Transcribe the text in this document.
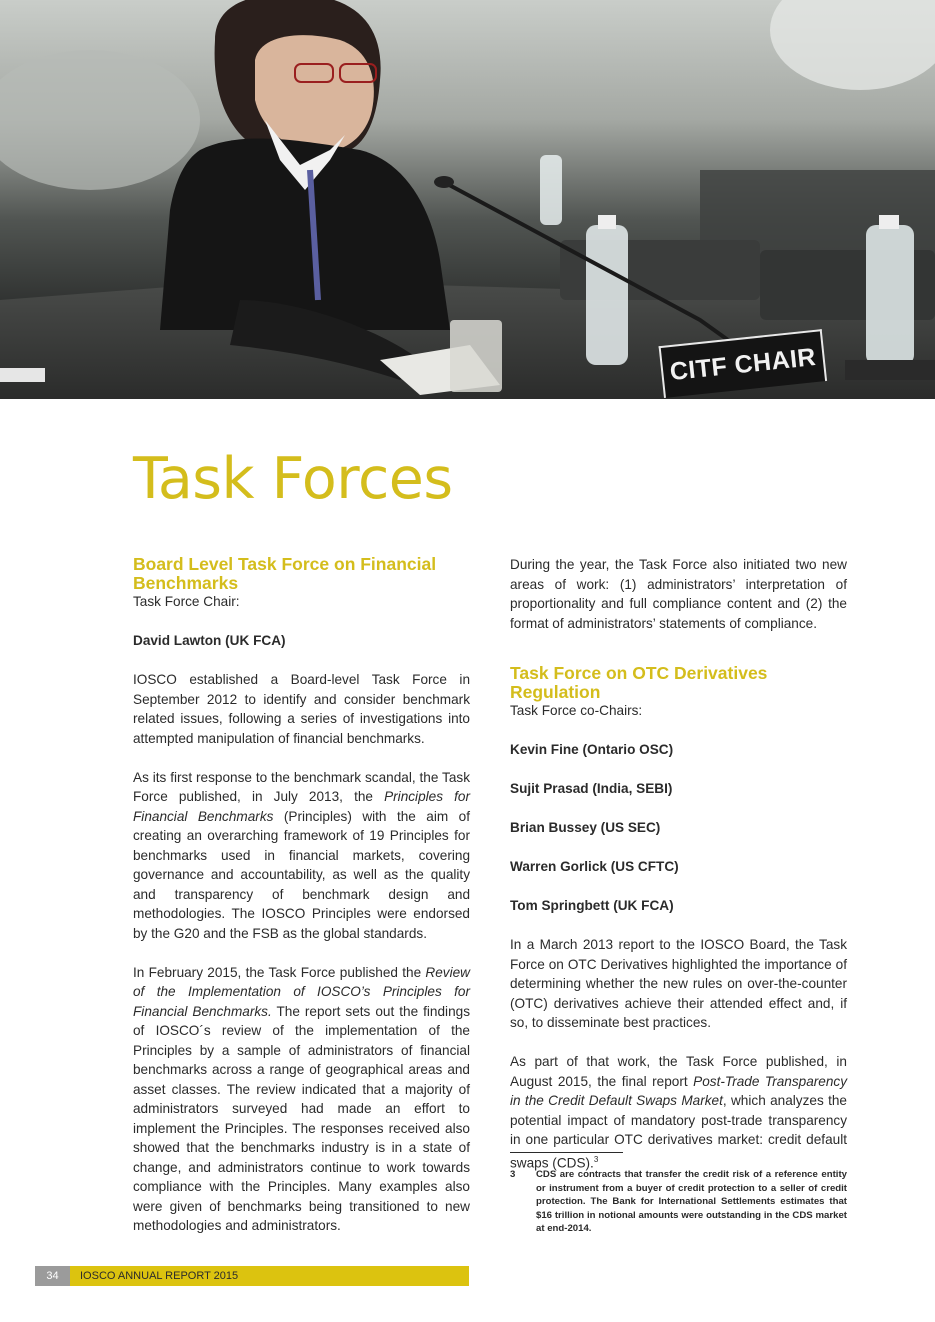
CITF CHAIR
Task Forces
Board Level Task Force on Financial Benchmarks

Task Force Chair:

David Lawton (UK FCA)

IOSCO established a Board-level Task Force in September 2012 to identify and consider benchmark related issues, following a series of investigations into attempted manipulation of financial benchmarks.

As its first response to the benchmark scandal, the Task Force published, in July 2013, the Principles for Financial Benchmarks (Principles) with the aim of creating an overarching framework of 19 Principles for benchmarks used in financial markets, covering governance and accountability, as well as the quality and transparency of benchmark design and methodologies. The IOSCO Principles were endorsed by the G20 and the FSB as the global standards.

In February 2015, the Task Force published the Review of the Implementation of IOSCO’s Principles for Financial Benchmarks. The report sets out the findings of IOSCO´s review of the implementation of the Principles by a sample of administrators of financial benchmarks across a range of geographical areas and asset classes. The review indicated that a majority of administrators surveyed had made an effort to implement the Principles. The responses received also showed that the benchmarks industry is in a state of change, and administrators continue to work towards compliance with the Principles. Many examples also were given of benchmarks being transitioned to new methodologies and administrators.

During the year, the Task Force also initiated two new areas of work: (1) administrators’ interpretation of proportionality and full compliance content and (2) the format of administrators’ statements of compliance.

Task Force on OTC Derivatives Regulation

Task Force co-Chairs:

Kevin Fine (Ontario OSC)

Sujit Prasad (India, SEBI)

Brian Bussey (US SEC)

Warren Gorlick (US CFTC)

Tom Springbett (UK FCA)

In a March 2013 report to the IOSCO Board, the Task Force on OTC Derivatives highlighted the importance of determining whether the new rules on over-the-counter (OTC) derivatives achieve their attended effect and, if so, to disseminate best practices.

As part of that work, the Task Force published, in August 2015, the final report Post-Trade Transparency in the Credit Default Swaps Market, which analyzes the potential impact of mandatory post-trade transparency in one particular OTC derivatives market: credit default swaps (CDS).$^3$

3	CDS are contracts that transfer the credit risk of a reference entity or instrument from a buyer of credit protection to a seller of credit protection. The Bank for International Settlements estimates that $16 trillion in notional amounts were outstanding in the CDS market at end-2014.
34	IOSCO ANNUAL REPORT 2015
